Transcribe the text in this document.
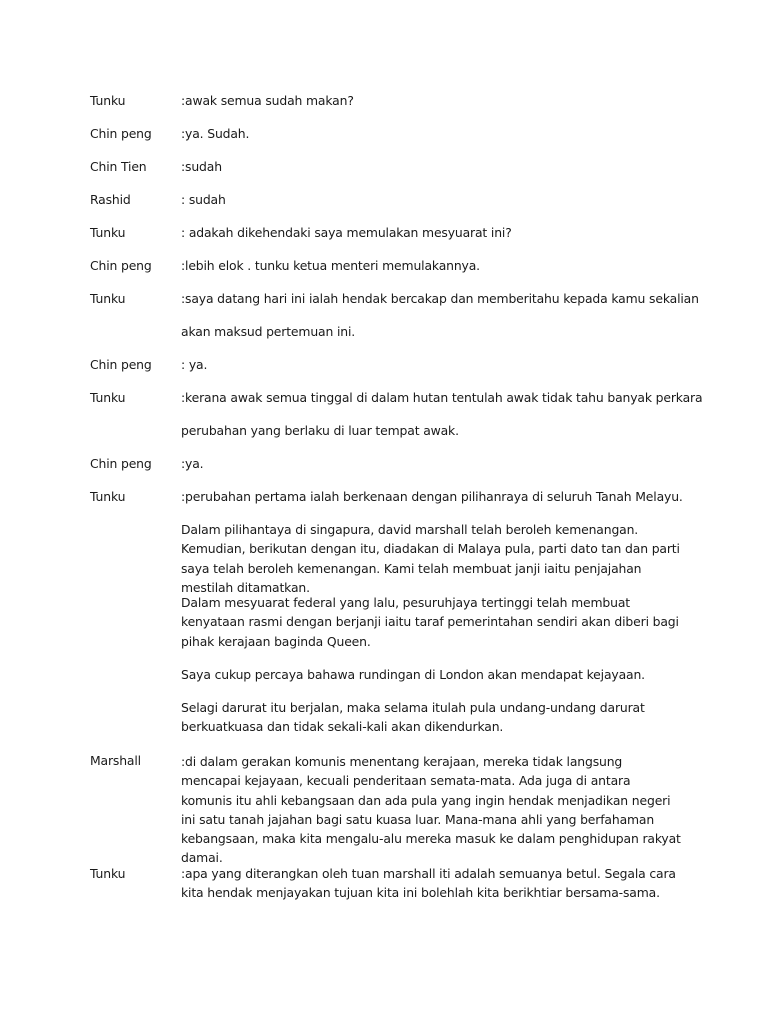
Tunku	:awak semua sudah makan?
Chin peng :ya. Sudah.
Chin Tien	:sudah
Rashid	: sudah
Tunku	: adakah dikehendaki saya memulakan mesyuarat ini?
Chin peng :lebih elok . tunku ketua menteri memulakannya.
Tunku	:saya datang hari ini ialah hendak bercakap dan memberitahu kepada kamu sekalian
akan maksud pertemuan ini.
Chin peng : ya.
Tunku	:kerana awak semua tinggal di dalam hutan tentulah awak tidak tahu banyak perkara
perubahan yang berlaku di luar tempat awak.
Chin peng :ya.
Tunku	:perubahan pertama ialah berkenaan dengan pilihanraya di seluruh Tanah Melayu.
Dalam pilihantaya di singapura, david marshall telah beroleh kemenangan. Kemudian, berikutan dengan itu, diadakan di Malaya pula, parti dato tan dan parti saya telah beroleh kemenangan. Kami telah membuat janji iaitu penjajahan mestilah ditamatkan.
Dalam mesyuarat federal yang lalu, pesuruhjaya tertinggi telah membuat kenyataan rasmi dengan berjanji iaitu taraf pemerintahan sendiri akan diberi bagi pihak kerajaan baginda Queen.
Saya cukup percaya bahawa rundingan di London akan mendapat kejayaan.
Selagi darurat itu berjalan, maka selama itulah pula undang-undang darurat berkuatkuasa dan tidak sekali-kali akan dikendurkan.
Marshall	:di dalam gerakan komunis menentang kerajaan, mereka tidak langsung mencapai kejayaan, kecuali penderitaan semata-mata. Ada juga di antara komunis itu ahli kebangsaan dan ada pula yang ingin hendak menjadikan negeri ini satu tanah jajahan bagi satu kuasa luar. Mana-mana ahli yang berfahaman kebangsaan, maka kita mengalu-alu mereka masuk ke dalam penghidupan rakyat damai.
Tunku	:apa yang diterangkan oleh tuan marshall iti adalah semuanya betul. Segala cara kita hendak menjayakan tujuan kita ini bolehlah kita berikhtiar bersama-sama.
